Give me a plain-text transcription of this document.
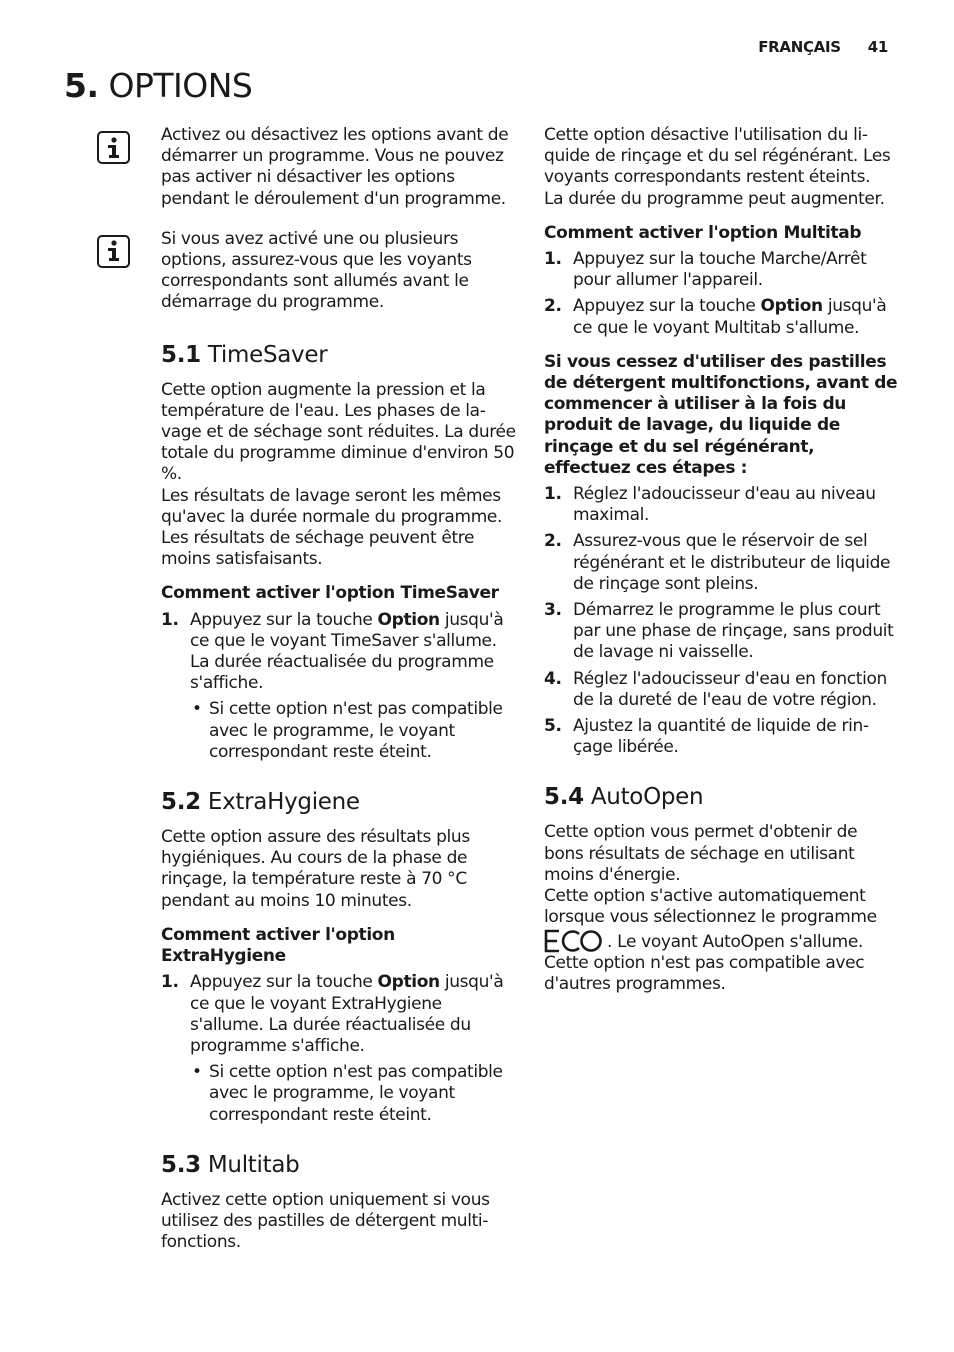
FRANÇAIS 41
5. OPTIONS

Activez ou désactivez les options avant de démarrer un programme. Vous ne pouvez pas activer ni désactiver les options pendant le déroulement d'un programme.

Si vous avez activé une ou plusieurs options, assurez-vous que les voyants correspondants sont allumés avant le démarrage du programme.

5.1 TimeSaver

Cette option augmente la pression et la température de l'eau. Les phases de lavage et de séchage sont réduites. La durée totale du programme diminue d'environ 50 %.

Les résultats de lavage seront les mêmes qu'avec la durée normale du programme. Les résultats de séchage peuvent être moins satisfaisants.

Comment activer l'option TimeSaver

1. Appuyez sur la touche Option jusqu'à ce que le voyant TimeSaver s'allume. La durée réactualisée du programme s'affiche.
• Si cette option n'est pas compatible avec le programme, le voyant correspondant reste éteint.
5.2 ExtraHygiene

Cette option assure des résultats plus hygiéniques. Au cours de la phase de rinçage, la température reste à 70 °C pendant au moins 10 minutes.

Comment activer l'option ExtraHygiene

1. Appuyez sur la touche Option jusqu'à ce que le voyant ExtraHygiene s'allume. La durée réactualisée du programme s'affiche.
• Si cette option n'est pas compatible avec le programme, le voyant correspondant reste éteint.
5.3 Multitab

Activez cette option uniquement si vous utilisez des pastilles de détergent multifonctions.

Cette option désactive l'utilisation du liquide de rinçage et du sel régénérant. Les voyants correspondants restent éteints.

La durée du programme peut augmenter.

Comment activer l'option Multitab

1. Appuyez sur la touche Marche/Arrêt pour allumer l'appareil.
2. Appuyez sur la touche Option jusqu'à ce que le voyant Multitab s'allume.

Si vous cessez d'utiliser des pastilles de détergent multifonctions, avant de commencer à utiliser à la fois du produit de lavage, du liquide de rinçage et du sel régénérant, effectuez ces étapes :

1. Réglez l'adoucisseur d'eau au niveau maximal.
2. Assurez-vous que le réservoir de sel régénérant et le distributeur de liquide de rinçage sont pleins.
3. Démarrez le programme le plus court par une phase de rinçage, sans produit de lavage ni vaisselle.
4. Réglez l'adoucisseur d'eau en fonction de la dureté de l'eau de votre région.
5. Ajustez la quantité de liquide de rinçage libérée.
5.4 AutoOpen

Cette option vous permet d'obtenir de bons résultats de séchage en utilisant moins d'énergie.

Cette option s'active automatiquement lorsque vous sélectionnez le programme
. Le voyant AutoOpen s'allume.

Cette option n'est pas compatible avec d'autres programmes.
